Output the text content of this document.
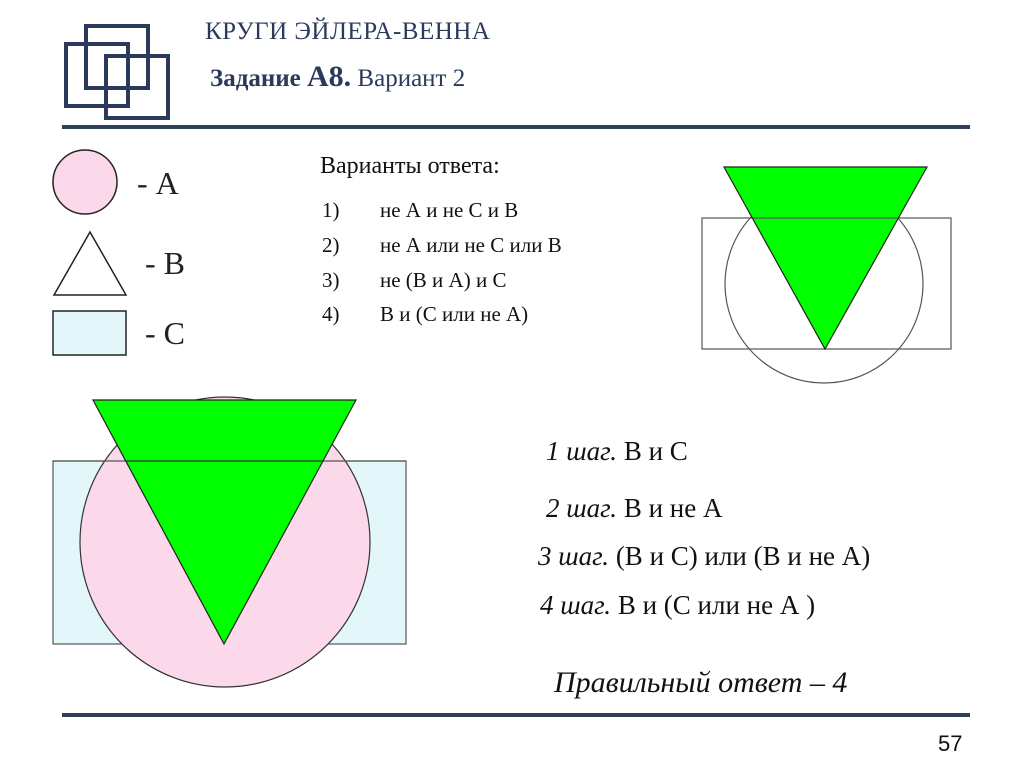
КРУГИ ЭЙЛЕРА-ВЕННА
Задание А8. Вариант 2
- А
- В
- С
Варианты ответа:
1) не А и не С и В
2) не А или не С или В
3) не (В и А) и С
4) В и (С или не А)
1 шаг. В и С
2 шаг. В и не А
3 шаг. (В и С) или (В и не А)
4 шаг. В и (С или не А )
Правильный ответ – 4
57
